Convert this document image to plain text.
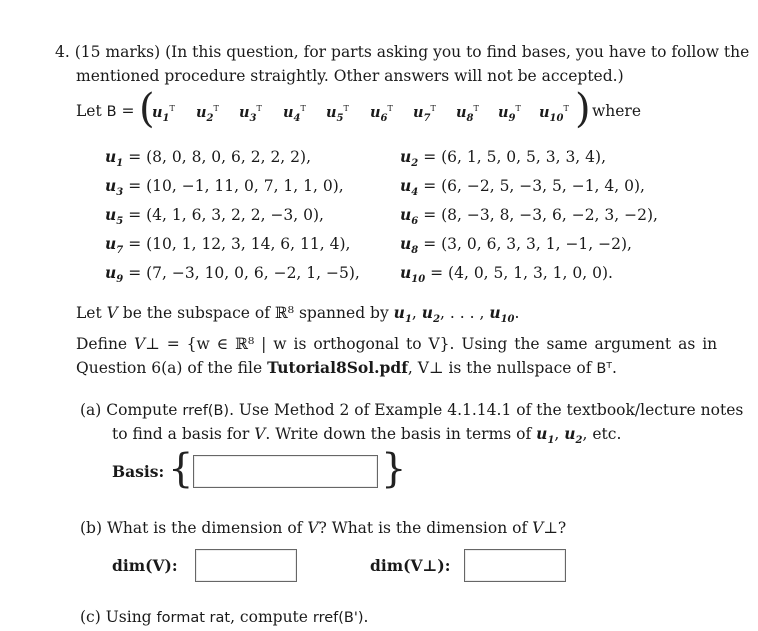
4. (15 marks) (In this question, for parts asking you to find bases, you have to follow the
mentioned procedure straightly. Other answers will not be accepted.)
Let B = (
$u_1^T$ $u_2^T$ $u_3^T$ $u_4^T$ $u_5^T$ $u_6^T$ $u_7^T$ $u_8^T$ $u_9^T$ $u_{10}^T$ ) where
$u_1 = (8$, 0, 8, 0, 6, 2, 2, 2),	$u_2 = (6$, 1, 5, 0, 5, 3, 3, 4),
$u_3 = (10$, −1, 11, 0, 7, 1, 1, 0),	$u_4 = (6$, −2, 5, −3, 5, −1, 4, 0),
$u_5 = (4$, 1, 6, 3, 2, 2, −3, 0),	$u_6 = (8$, −3, 8, −3, 6, −2, 3, −2),
$u_7 = (10$, 1, 12, 3, 14, 6, 11, 4),	$u_8 = (3$, 0, 6, 3, 3, 1, −1, −2),
$u_9 = (7$, −3, 10, 0, 6, −2, 1, −5),	$u_{10} = (4$, 0, 5, 1, 3, 1, 0, 0).
Let V be the subspace of ℝ⁸ spanned by $u_1$, $u_2$, . . . , $u_{10}$.
Define V⊥ = {w ∈ ℝ⁸ | w is orthogonal to V}. Using the same argument as in
Question 6(a) of the file Tutorial8Sol.pdf, V⊥ is the nullspace of Bᵀ.
(a) Compute rref(B). Use Method 2 of Example 4.1.14.1 of the textbook/lecture notes
to find a basis for V. Write down the basis in terms of $u_1$, $u_2$, etc.
Basis: {	}
(b) What is the dimension of V? What is the dimension of V⊥?
dim(V):	dim(V⊥):
(c) Using format rat, compute rref(B').
